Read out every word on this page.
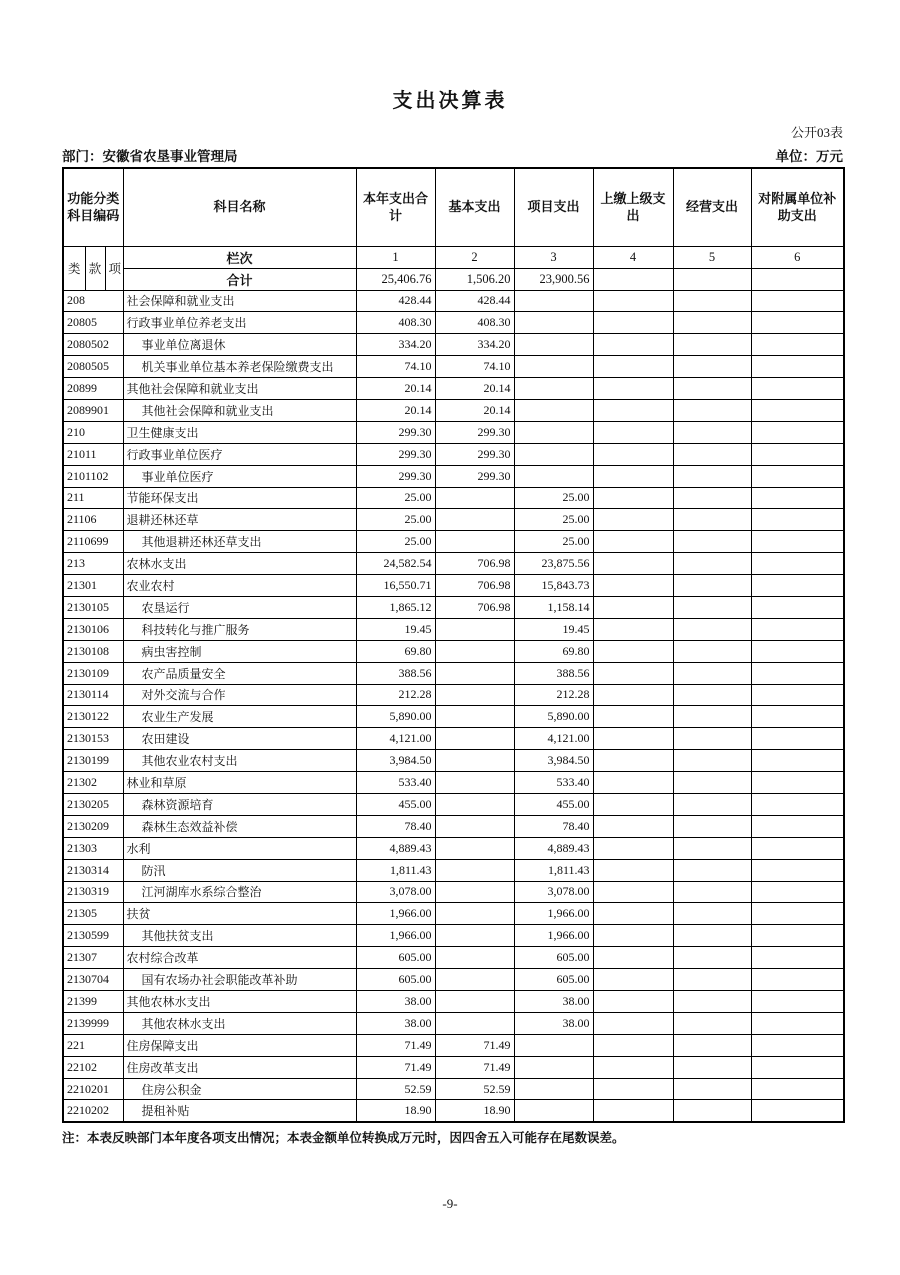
支出决算表
公开03表
部门：安徽省农垦事业管理局	单位：万元
功能分类
科目编码			科目名称	本年支出合计	基本支出	项目支出	上缴上级支出	经营支出	对附属单位补助支出
类	款	项	栏次	1	2	3	4	5	6
			合计	25,406.76	1,506.20	23,900.56			
208			社会保障和就业支出	428.44	428.44				
20805			行政事业单位养老支出	408.30	408.30				
2080502			事业单位离退休	334.20	334.20				
2080505			机关事业单位基本养老保险缴费支出	74.10	74.10				
20899			其他社会保障和就业支出	20.14	20.14				
2089901			其他社会保障和就业支出	20.14	20.14				
210			卫生健康支出	299.30	299.30				
21011			行政事业单位医疗	299.30	299.30				
2101102			事业单位医疗	299.30	299.30				
211			节能环保支出	25.00		25.00			
21106			退耕还林还草	25.00		25.00			
2110699			其他退耕还林还草支出	25.00		25.00			
213			农林水支出	24,582.54	706.98	23,875.56			
21301			农业农村	16,550.71	706.98	15,843.73			
2130105			农垦运行	1,865.12	706.98	1,158.14			
2130106			科技转化与推广服务	19.45		19.45			
2130108			病虫害控制	69.80		69.80			
2130109			农产品质量安全	388.56		388.56			
2130114			对外交流与合作	212.28		212.28			
2130122			农业生产发展	5,890.00		5,890.00			
2130153			农田建设	4,121.00		4,121.00			
2130199			其他农业农村支出	3,984.50		3,984.50			
21302			林业和草原	533.40		533.40			
2130205			森林资源培育	455.00		455.00			
2130209			森林生态效益补偿	78.40		78.40			
21303			水利	4,889.43		4,889.43			
2130314			防汛	1,811.43		1,811.43			
2130319			江河湖库水系综合整治	3,078.00		3,078.00			
21305			扶贫	1,966.00		1,966.00			
2130599			其他扶贫支出	1,966.00		1,966.00			
21307			农村综合改革	605.00		605.00			
2130704			国有农场办社会职能改革补助	605.00		605.00			
21399			其他农林水支出	38.00		38.00			
2139999			其他农林水支出	38.00		38.00			
221			住房保障支出	71.49	71.49				
22102			住房改革支出	71.49	71.49				
2210201			住房公积金	52.59	52.59				
2210202			提租补贴	18.90	18.90				
注：本表反映部门本年度各项支出情况；本表金额单位转换成万元时，因四舍五入可能存在尾数误差。
-9-
